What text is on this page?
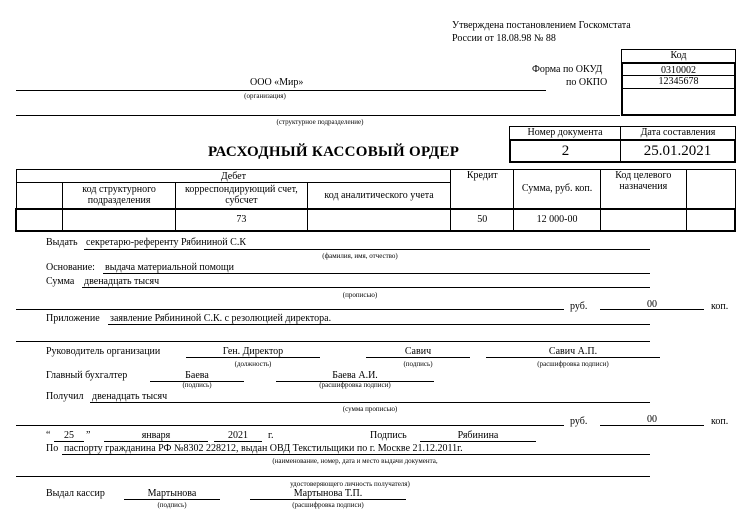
Утверждена постановлением Госкомстата
России от 18.08.98 № 88
Код
Форма по ОКУД	0310002
по ОКПО	12345678
ООО «Мир»
(организация)
(структурное подразделение)
Номер документа	Дата составления
2	25.01.2021
РАСХОДНЫЙ КАССОВЫЙ ОРДЕР
Дебет				Кредит	Сумма, руб. коп.	Код целевого назначения	
	код структурного подразделения	корреспондирующий счет, субсчет	код аналитического учета				
		73		50	12 000-00		
Выдать секретарю-референту Рябининой С.К
(фамилия, имя, отчество)
Основание: выдача материальной помощи
Сумма двенадцать тысяч
(прописью)
руб.	00	коп.
Приложение заявление Рябининой С.К. с резолюцией директора.
Руководитель организации	Ген. Директор
(должность)
Савич
(подпись)
Савич А.П.
(расшифровка подписи)
Главный бухгалтер	Баева
(подпись)
Баева А.И.
(расшифровка подписи)
Получил двенадцать тысяч
(сумма прописью)
руб.	00	коп.
“	25	”	января	2021	г.	Подпись	Рябинина
По паспорту гражданина РФ №8302 228212, выдан ОВД Текстильщики по г. Москве 21.12.2011г.
(наименование, номер, дата и место выдачи документа,
удостоверяющего личность получателя)
Выдал кассир	Мартынова
(подпись)
Мартынова Т.П.
(расшифровка подписи)
